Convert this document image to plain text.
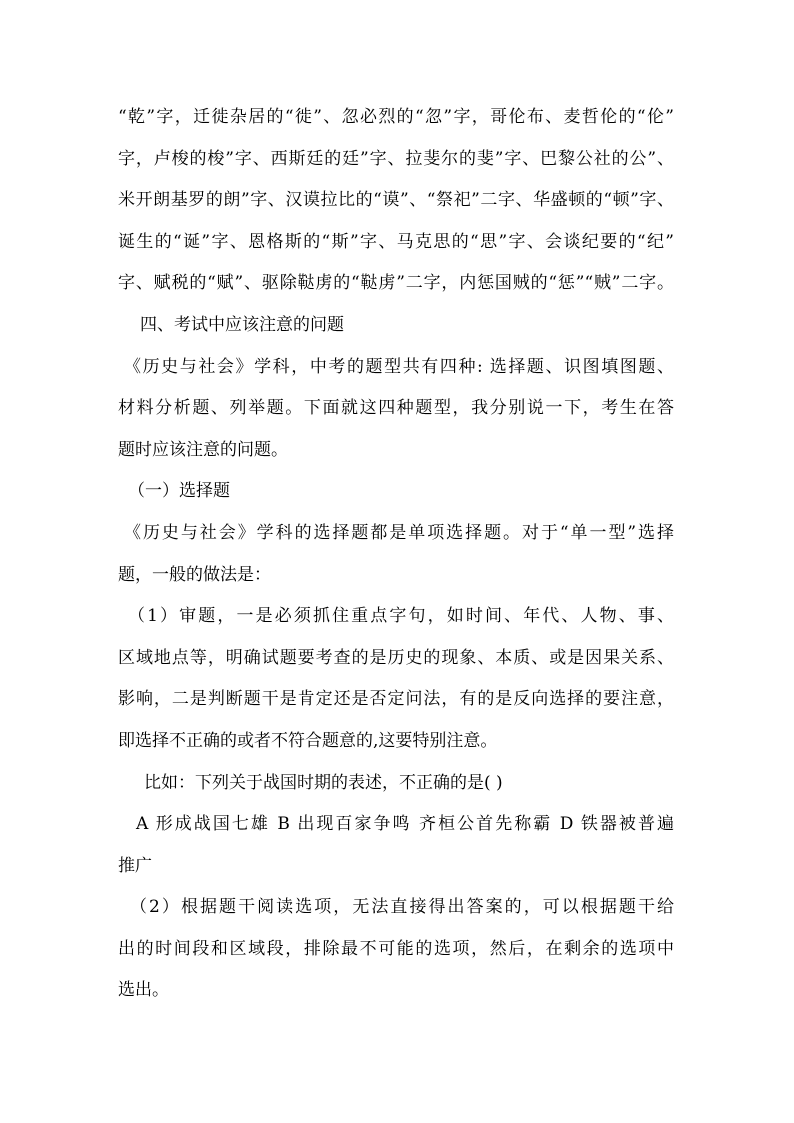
“乾”字，迁徙杂居的“徙”、忽必烈的“忽”字，哥伦布、麦哲伦的“伦”
字，卢梭的梭”字、西斯廷的廷”字、拉斐尔的斐”字、巴黎公社的公”、
米开朗基罗的朗”字、汉谟拉比的“谟”、“祭祀”二字、华盛顿的“顿”字、
诞生的“诞”字、恩格斯的“斯”字、马克思的“思”字、会谈纪要的“纪”
字、赋税的“赋”、驱除鞑虏的“鞑虏”二字，内惩国贼的“惩”“贼”二字。
四、考试中应该注意的问题
《历史与社会》学科，中考的题型共有四种: 选择题、识图填图题、
材料分析题、列举题。下面就这四种题型，我分别说一下，考生在答
题时应该注意的问题。
（一）选择题
《历史与社会》学科的选择题都是单项选择题。对于“单一型”选择
题，一般的做法是：
（1）审题，一是必须抓住重点字句，如时间、年代、人物、事、
区域地点等，明确试题要考查的是历史的现象、本质、或是因果关系、
影响，二是判断题干是肯定还是否定问法，有的是反向选择的要注意，
即选择不正确的或者不符合题意的,这要特别注意。
比如：下列关于战国时期的表述，不正确的是( )
A 形成战国七雄 B 出现百家争鸣 齐桓公首先称霸 D 铁器被普遍
推广
（2）根据题干阅读选项，无法直接得出答案的，可以根据题干给
出的时间段和区域段，排除最不可能的选项，然后，在剩余的选项中
选出。
